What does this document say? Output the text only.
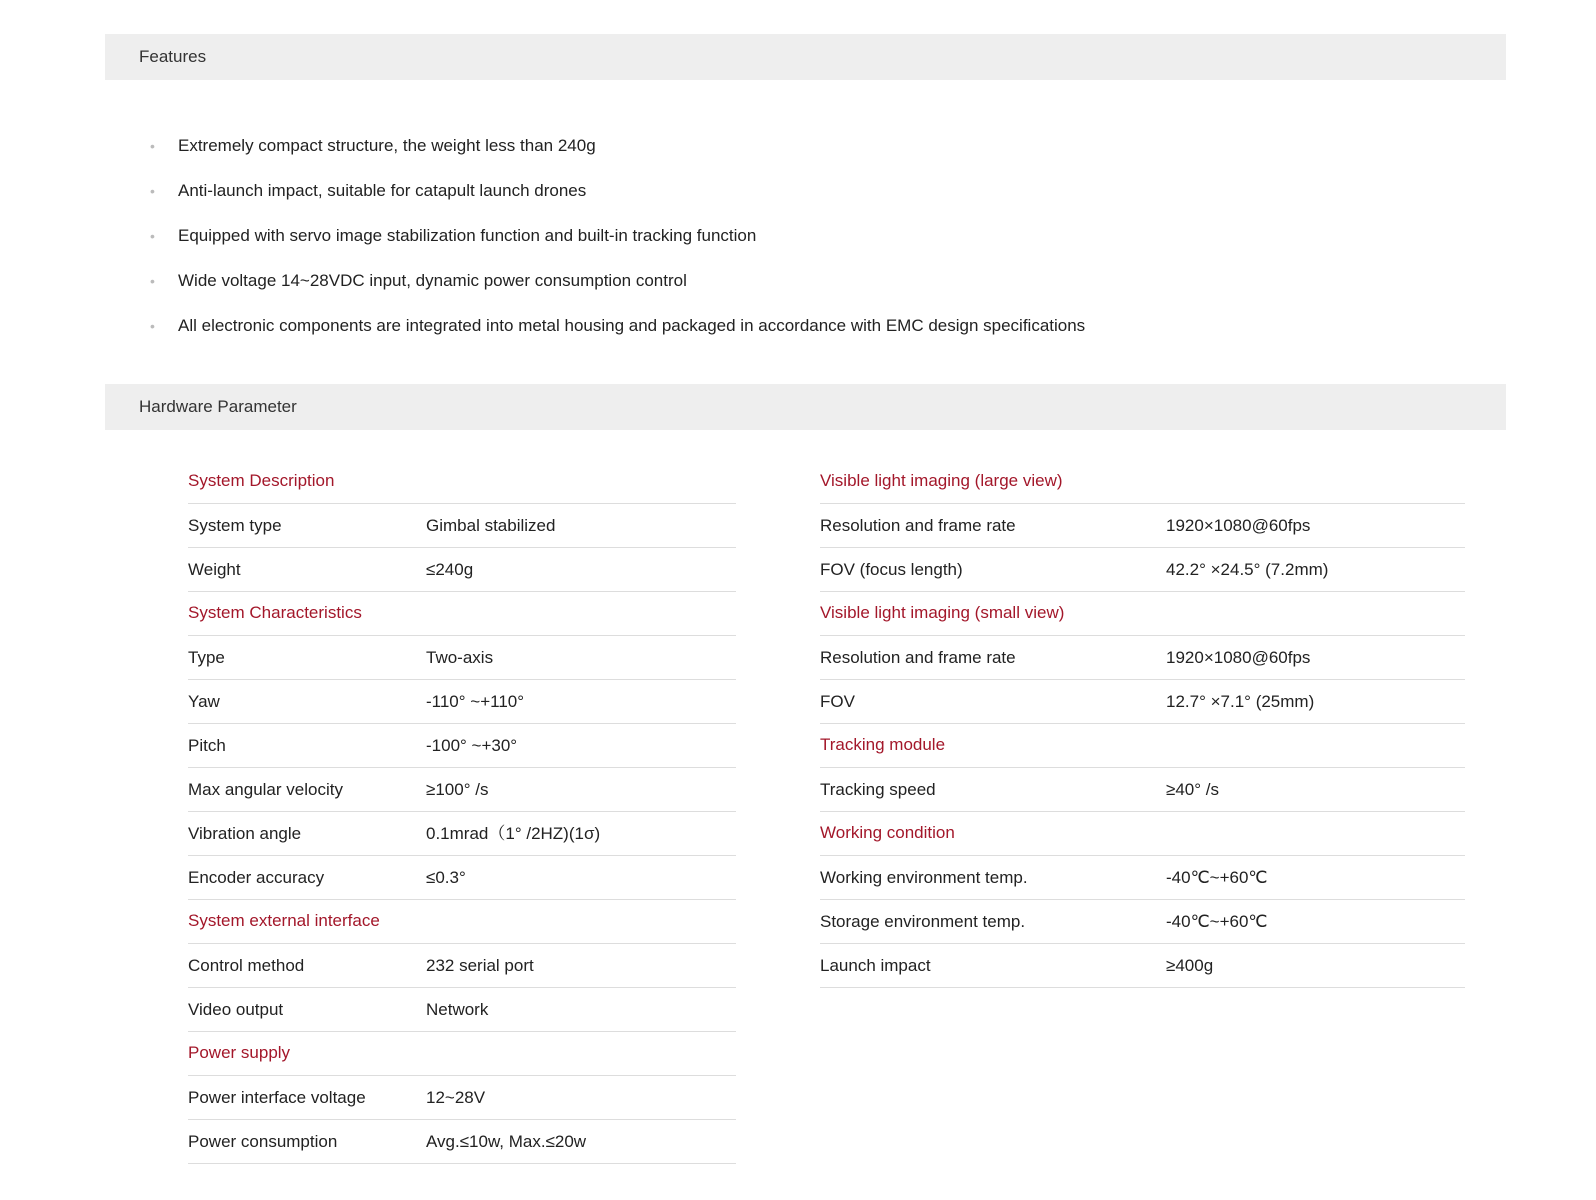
Features
• Extremely compact structure, the weight less than 240g
• Anti-launch impact, suitable for catapult launch drones
• Equipped with servo image stabilization function and built-in tracking function
• Wide voltage 14~28VDC input, dynamic power consumption control
• All electronic components are integrated into metal housing and packaged in accordance with EMC design specifications
Hardware Parameter
System Description
System type	Gimbal stabilized
Weight	≤240g
System Characteristics
Type	Two-axis
Yaw	-110° ~+110°
Pitch	-100° ~+30°
Max angular velocity	≥100° /s
Vibration angle	0.1mrad（1° /2HZ)(1σ)
Encoder accuracy	≤0.3°
System external interface
Control method	232 serial port
Video output	Network
Power supply
Power interface voltage	12~28V
Power consumption	Avg.≤10w, Max.≤20w
Visible light imaging (large view)
Resolution and frame rate	1920×1080@60fps
FOV (focus length)	42.2° ×24.5° (7.2mm)
Visible light imaging (small view)
Resolution and frame rate	1920×1080@60fps
FOV	12.7° ×7.1° (25mm)
Tracking module
Tracking speed	≥40° /s
Working condition
Working environment temp.	-40℃~+60℃
Storage environment temp.	-40℃~+60℃
Launch impact	≥400g
